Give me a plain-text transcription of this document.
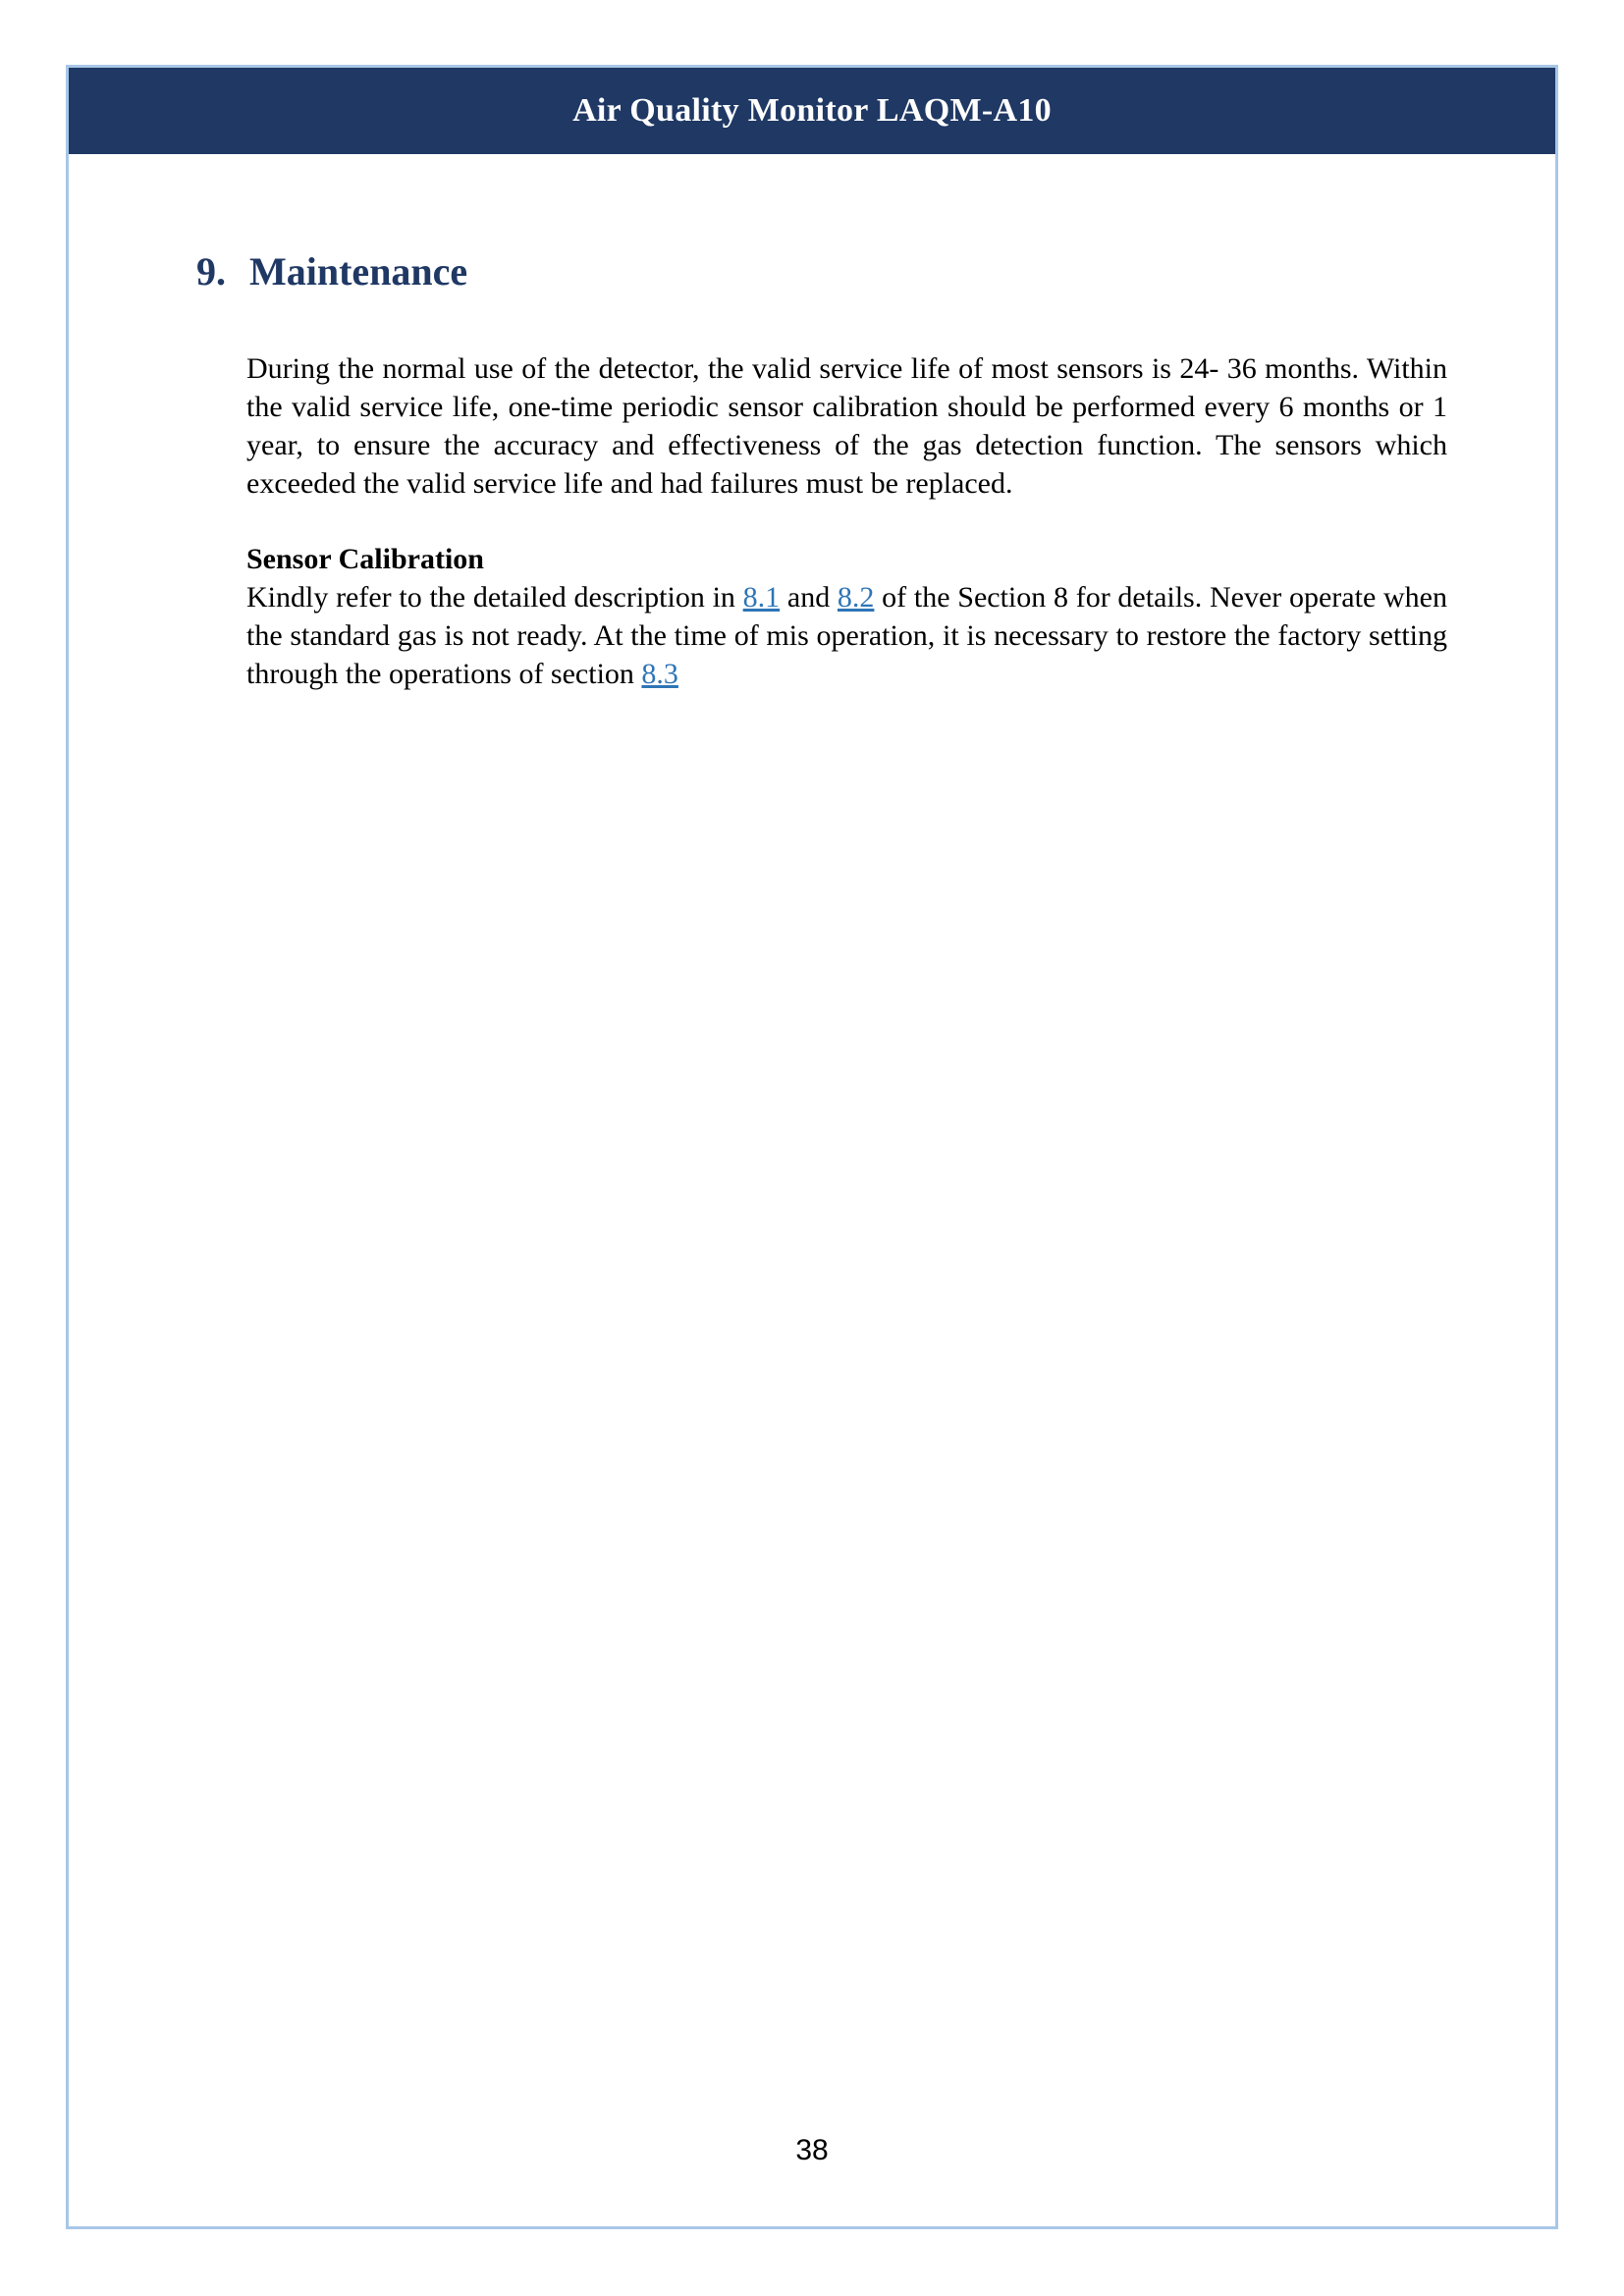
Air Quality Monitor LAQM-A10
9. Maintenance

During the normal use of the detector, the valid service life of most sensors is 24- 36 months. Within the valid service life, one-time periodic sensor calibration should be performed every 6 months or 1 year, to ensure the accuracy and effectiveness of the gas detection function. The sensors which exceeded the valid service life and had failures must be replaced.

Sensor Calibration

Kindly refer to the detailed description in 8.1 and 8.2 of the Section 8 for details. Never operate when the standard gas is not ready. At the time of mis operation, it is necessary to restore the factory setting through the operations of section 8.3

38
